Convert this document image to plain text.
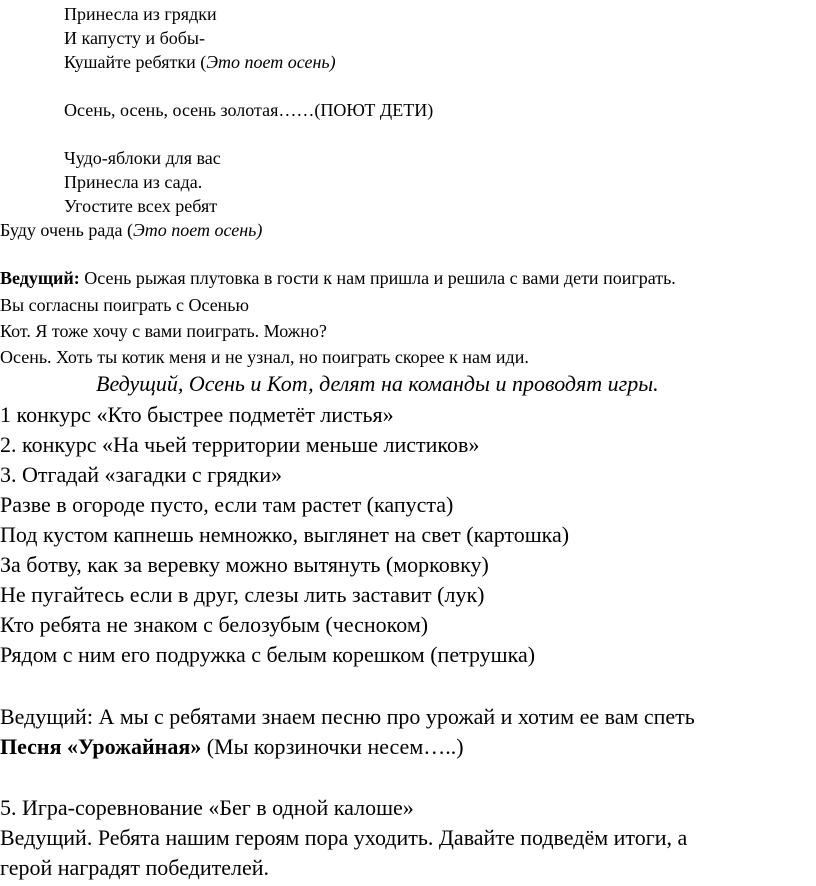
Принесла из грядки
И капусту и бобы-
Кушайте ребятки (Это поет осень)
Осень, осень, осень золотая……(ПОЮТ ДЕТИ)
Чудо-яблоки для вас
Принесла из сада.
Угостите всех ребят
Буду очень рада (Это поет осень)
Ведущий: Осень рыжая плутовка в гости к нам пришла и решила с вами дети поиграть.
Вы согласны поиграть с Осенью
Кот. Я тоже хочу с вами поиграть. Можно?
Осень. Хоть ты котик меня и не узнал, но поиграть скорее к нам иди.
Ведущий, Осень и Кот, делят на команды и проводят игры.
1 конкурс «Кто быстрее подметёт листья»
2. конкурс «На чьей территории меньше листиков»
3. Отгадай «загадки с грядки»
Разве в огороде пусто, если там растет (капуста)
Под кустом капнешь немножко, выглянет на свет (картошка)
За ботву, как за веревку можно вытянуть (морковку)
Не пугайтесь если в друг, слезы лить заставит (лук)
Кто ребята не знаком с белозубым (чесноком)
Рядом с ним его подружка с белым корешком (петрушка)
Ведущий: А мы с ребятами знаем песню про урожай и хотим ее вам спеть
Песня «Урожайная» (Мы корзиночки несем…..)
5. Игра-соревнование «Бег в одной калоше»
Ведущий. Ребята нашим героям пора уходить. Давайте подведём итоги, а
герой наградят победителей.
